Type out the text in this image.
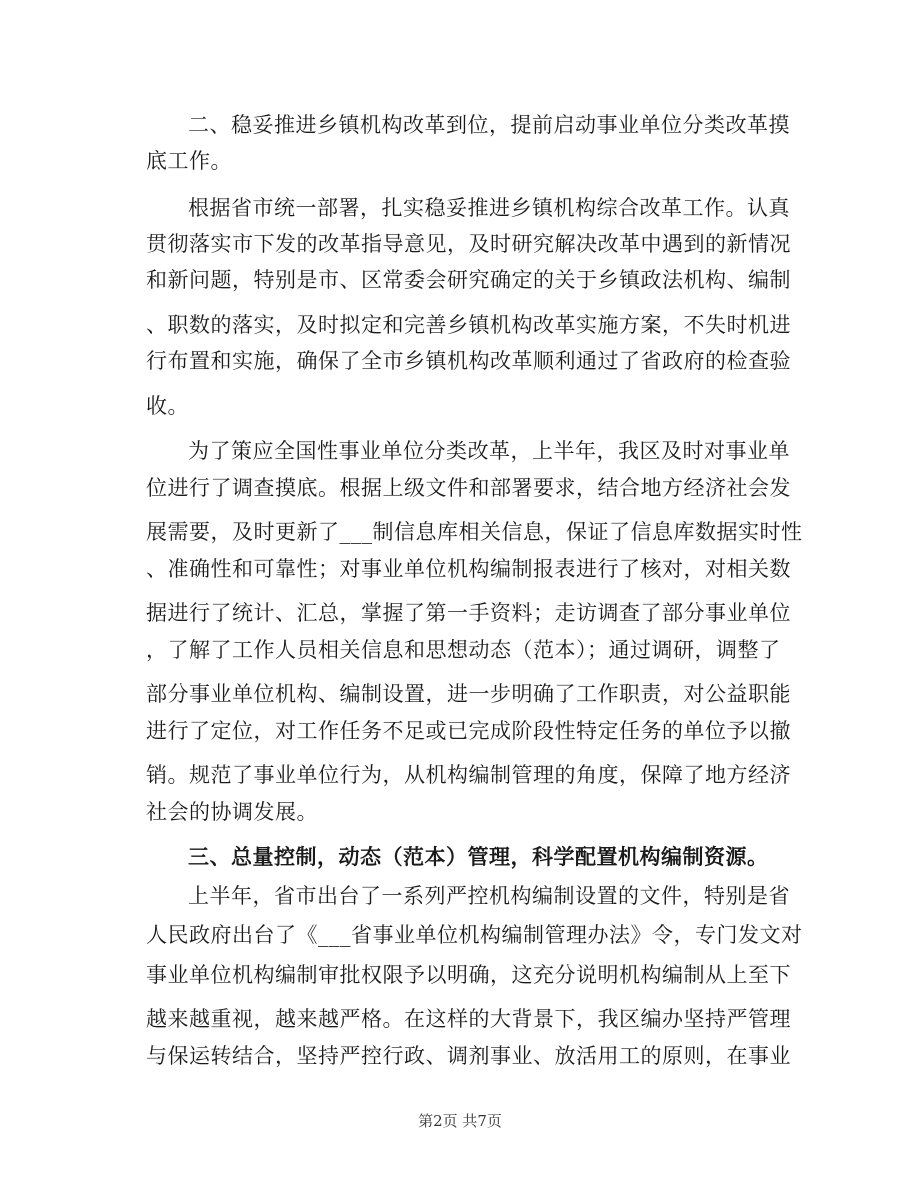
二、稳妥推进乡镇机构改革到位，提前启动事业单位分类改革摸
底工作。
根据省市统一部署，扎实稳妥推进乡镇机构综合改革工作。认真
贯彻落实市下发的改革指导意见，及时研究解决改革中遇到的新情况
和新问题，特别是市、区常委会研究确定的关于乡镇政法机构、编制
、职数的落实，及时拟定和完善乡镇机构改革实施方案，不失时机进
行布置和实施，确保了全市乡镇机构改革顺利通过了省政府的检查验
收。
为了策应全国性事业单位分类改革，上半年，我区及时对事业单
位进行了调查摸底。根据上级文件和部署要求，结合地方经济社会发
展需要，及时更新了___制信息库相关信息，保证了信息库数据实时性
、准确性和可靠性；对事业单位机构编制报表进行了核对，对相关数
据进行了统计、汇总，掌握了第一手资料；走访调查了部分事业单位
，了解了工作人员相关信息和思想动态（范本）；通过调研，调整了
部分事业单位机构、编制设置，进一步明确了工作职责，对公益职能
进行了定位，对工作任务不足或已完成阶段性特定任务的单位予以撤
销。规范了事业单位行为，从机构编制管理的角度，保障了地方经济
社会的协调发展。
三、总量控制，动态（范本）管理，科学配置机构编制资源。
上半年，省市出台了一系列严控机构编制设置的文件，特别是省
人民政府出台了《___省事业单位机构编制管理办法》令，专门发文对
事业单位机构编制审批权限予以明确，这充分说明机构编制从上至下
越来越重视，越来越严格。在这样的大背景下，我区编办坚持严管理
与保运转结合，坚持严控行政、调剂事业、放活用工的原则，在事业
第2页 共7页
